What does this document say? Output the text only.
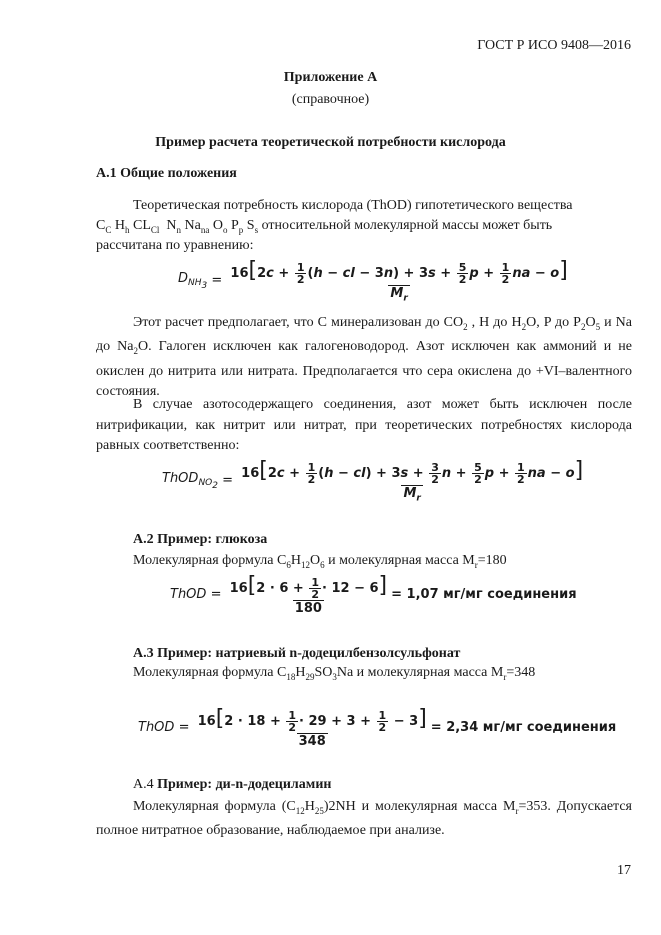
ГОСТ Р ИСО 9408—2016
Приложение А
(справочное)
Пример расчета теоретической потребности кислорода
А.1 Общие положения
Теоретическая потребность кислорода (ThOD) гипотетического вещества
$C_C$ $H_h$ $CL_{Cl}$  $N_n$ $Na_{na}$ $O_o$ $P_p$ $S_s$ относительной молекулярной массы может быть
рассчитана по уравнению:
$D_{NH_3} = \frac{16[2c + \frac{1}{2} (h - cl - 3n) + 3s + \frac{5}{2} p + \frac{1}{2} na - o]}{M_r}$
Этот расчет предполагает, что C минерализован до $CO_2$ , H до $H_2O$, P до $P_2O_5$ и Na до $Na_2O$. Галоген исключен как галогеноводород. Азот исключен как аммоний и не окислен до нитрита или нитрата. Предполагается что сера окислена до +VI–валентного состояния.
В случае азотосодержащего соединения, азот может быть исключен после нитрификации, как нитрит или нитрат, при теоретических потребностях кислорода равных соответственно:
ThOD$_{NO_2}$ = $\frac{16[2c + \frac{1}{2} (h - cl) + 3s + \frac{3}{2} n + \frac{5}{2} p + \frac{1}{2} na - o]}{M_r}$
А.2 Пример: глюкоза
Молекулярная формула $C_6H_{12}O_6$ и молекулярная масса $M_r=180$
ThOD = $\frac{16[2 \cdot 6 + \frac{1}{2} \cdot 12 - 6]}{180} = 1,07$ мг/мг соединения
А.3 Пример: натриевый n-додецилбензолсульфонат
Молекулярная формула $C_{18}H_{29}SO_3Na$ и молекулярная масса $M_r=348$
ThOD = $\frac{16[2 \cdot 18 + \frac{1}{2} \cdot 29 + 3 + \frac{1}{2} - 3]}{348} = 2,34$ мг/мг соединения
А.4 Пример: ди-n-додециламин
Молекулярная формула $(C_{12}H_{25})2NH$ и молекулярная масса $M_r=353$. Допускается полное нитратное образование, наблюдаемое при анализе.
17
